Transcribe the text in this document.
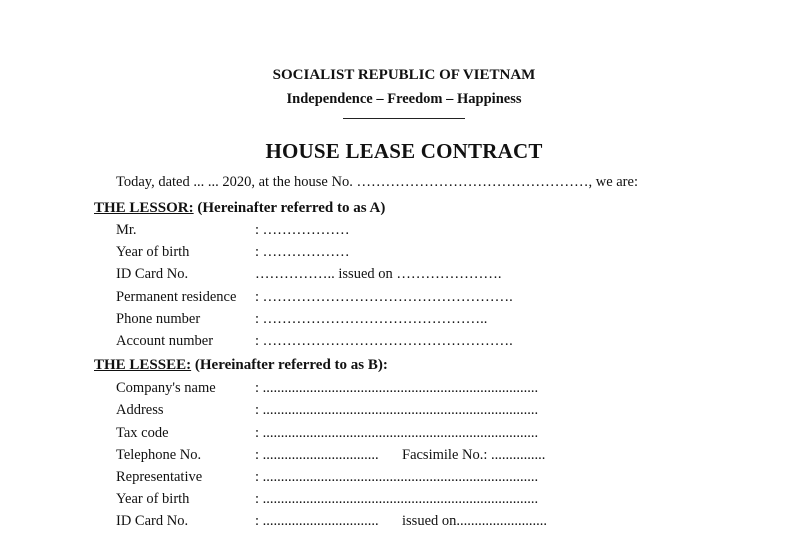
SOCIALIST REPUBLIC OF VIETNAM
Independence – Freedom – Happiness
HOUSE LEASE CONTRACT
Today, dated ... ... 2020, at the house No. …………………………………………, we are:
THE LESSOR: (Hereinafter referred to as A)
Mr.	: ………………
Year of birth	: ………………
ID Card No.	…………….. issued on ………………….
Permanent residence : …………………………………………….
Phone number	: ………………………………………..
Account number	: …………………………………………….
THE LESSEE: (Hereinafter referred to as B):
Company's name	: ............................................................................
Address	: ............................................................................
Tax code	: ............................................................................
Telephone No.	: ................................ Facsimile No.: ...............
Representative	: ............................................................................
Year of birth	: ............................................................................
ID Card No.	: ................................ issued on.........................
